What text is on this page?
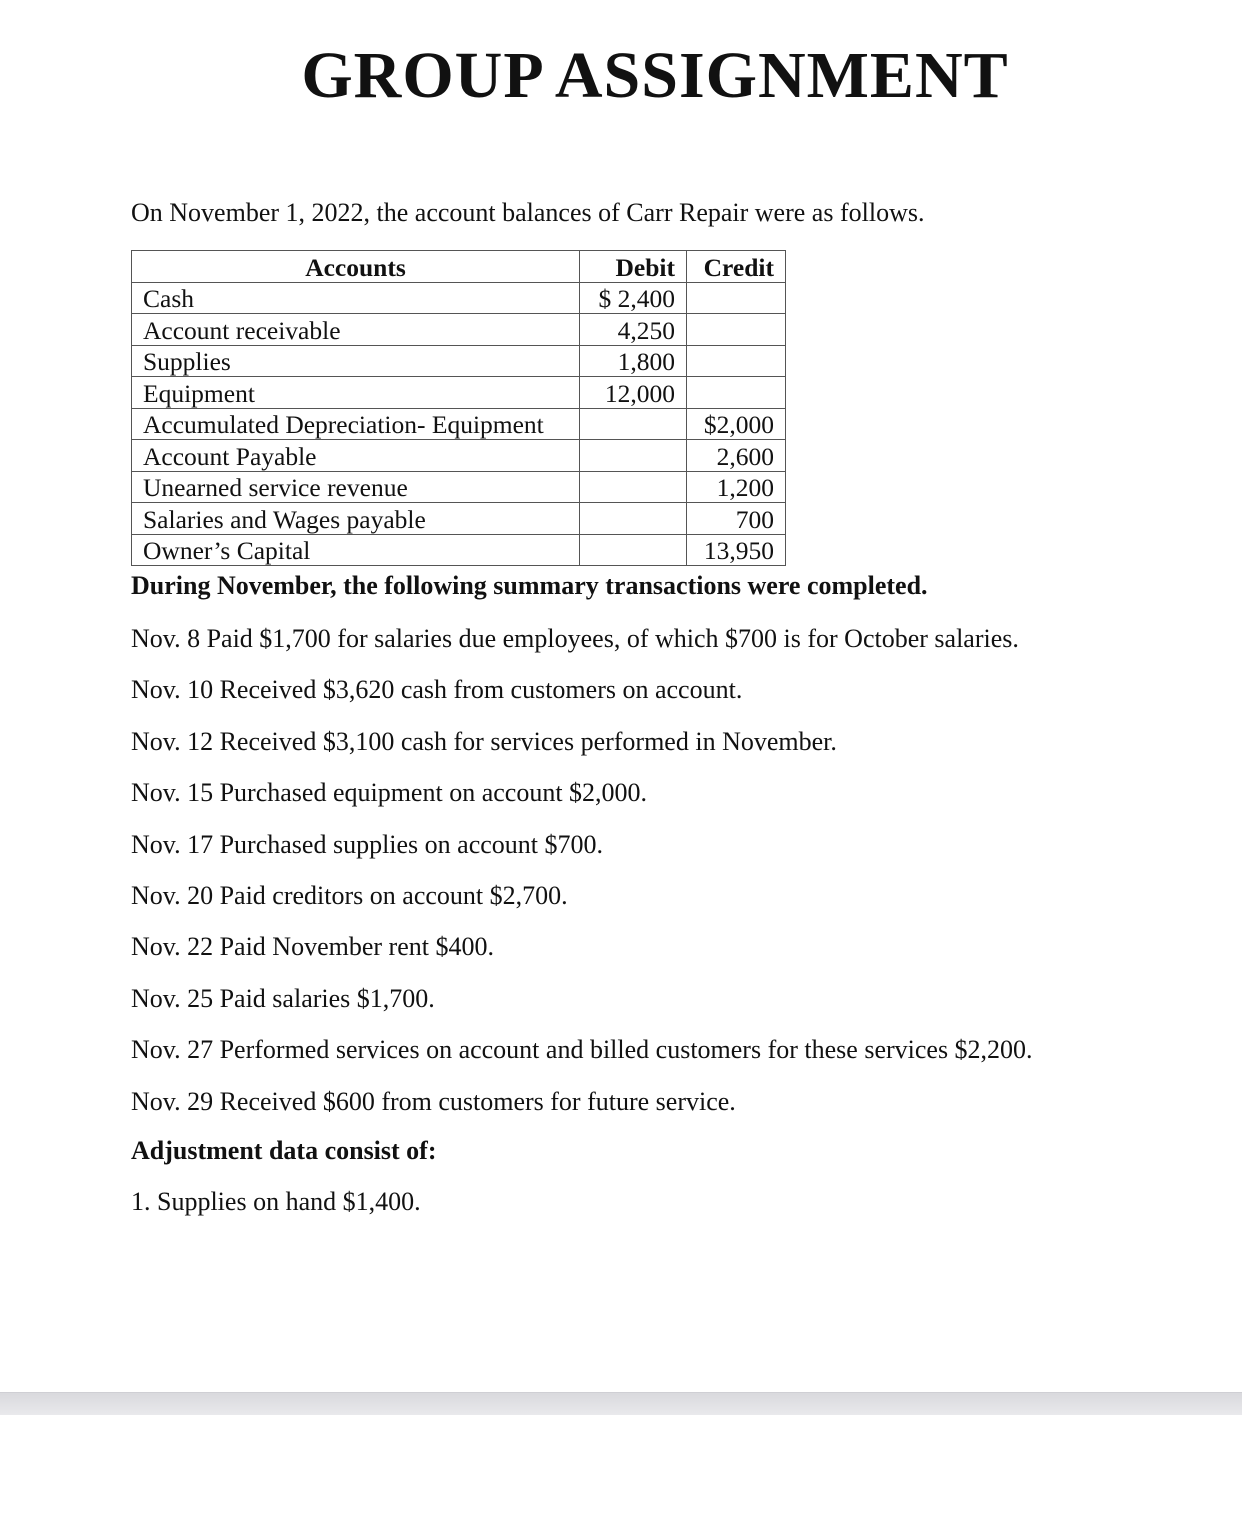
GROUP ASSIGNMENT

On November 1, 2022, the account balances of Carr Repair were as follows.

Accounts	Debit	Credit
Cash	$ 2,400	
Account receivable	4,250	
Supplies	1,800	
Equipment	12,000	
Accumulated Depreciation- Equipment		$2,000
Account Payable		2,600
Unearned service revenue		1,200
Salaries and Wages payable		700
Owner’s Capital		13,950

During November, the following summary transactions were completed.

Nov. 8 Paid $1,700 for salaries due employees, of which $700 is for October salaries.
Nov. 10 Received $3,620 cash from customers on account.
Nov. 12 Received $3,100 cash for services performed in November.
Nov. 15 Purchased equipment on account $2,000.
Nov. 17 Purchased supplies on account $700.
Nov. 20 Paid creditors on account $2,700.
Nov. 22 Paid November rent $400.
Nov. 25 Paid salaries $1,700.
Nov. 27 Performed services on account and billed customers for these services $2,200.
Nov. 29 Received $600 from customers for future service.

Adjustment data consist of:

1. Supplies on hand $1,400.
